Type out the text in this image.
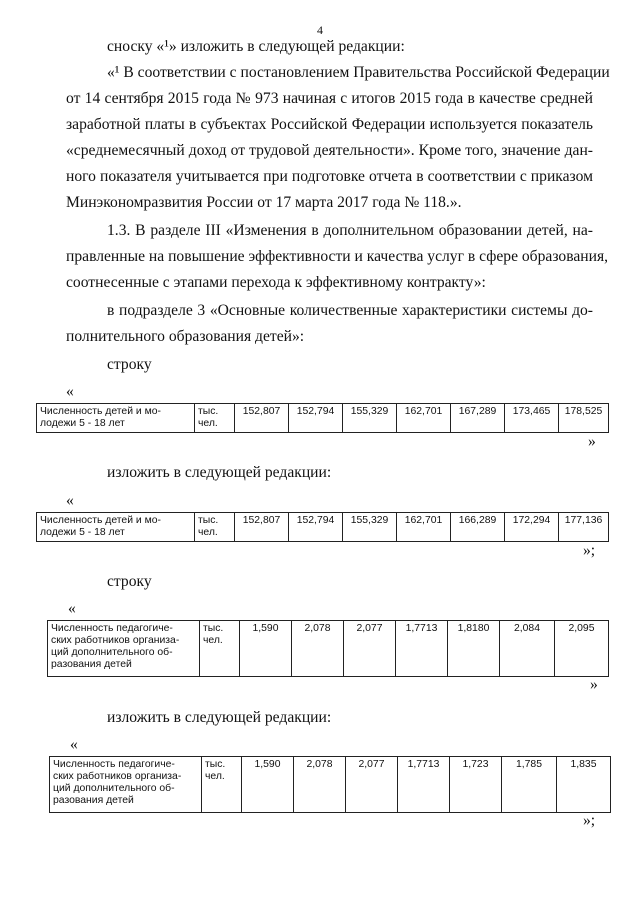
4
сноску «¹» изложить в следующей редакции:
«¹ В соответствии с постановлением Правительства Российской Федерации
от 14 сентября 2015 года № 973 начиная с итогов 2015 года в качестве средней
заработной платы в субъектах Российской Федерации используется показатель
«среднемесячный доход от трудовой деятельности». Кроме того, значение дан-
ного показателя учитывается при подготовке отчета в соответствии с приказом
Минэкономразвития России от 17 марта 2017 года № 118.».
1.3. В разделе III «Изменения в дополнительном образовании детей, на-
правленные на повышение эффективности и качества услуг в сфере образования,
соотнесенные с этапами перехода к эффективному контракту»:
в подразделе 3 «Основные количественные характеристики системы до-
полнительного образования детей»:
строку
«
Численность детей и мо- лодежи 5 - 18 лет	тыс. чел.	152,807	152,794	155,329	162,701	167,289	173,465	178,525
»
изложить в следующей редакции:
«
Численность детей и мо- лодежи 5 - 18 лет	тыс. чел.	152,807	152,794	155,329	162,701	166,289	172,294	177,136
»;
строку
«
Численность педагогиче- ских работников организа- ций дополнительного об- разования детей	тыс. чел.	1,590	2,078	2,077	1,7713	1,8180	2,084	2,095
»
изложить в следующей редакции:
«
Численность педагогиче- ских работников организа- ций дополнительного об- разования детей	тыс. чел.	1,590	2,078	2,077	1,7713	1,723	1,785	1,835
»;
